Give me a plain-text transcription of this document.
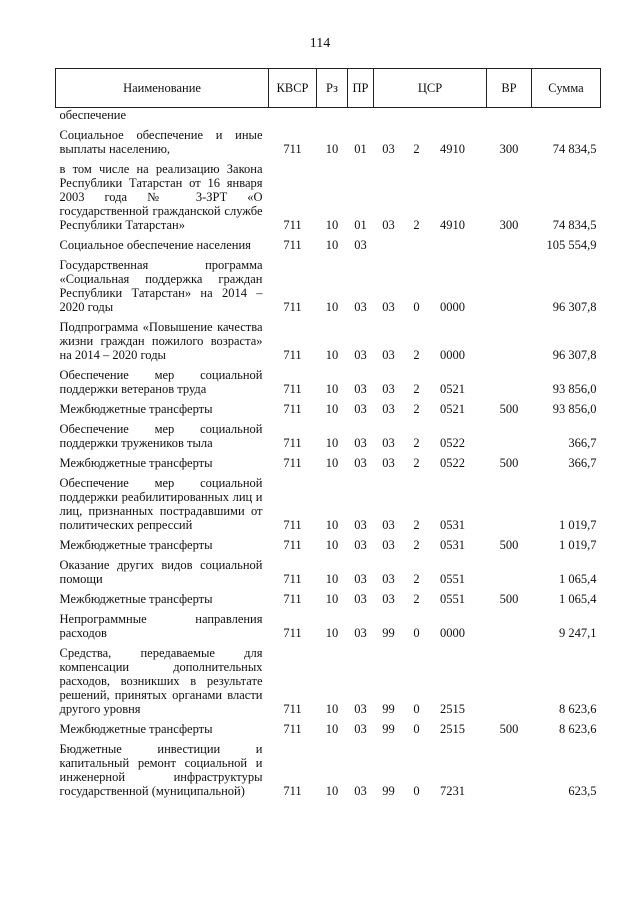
114
Наименование	КВСР	Рз	ПР	ЦСР	ВР	Сумма
обеспечение				

Социальное обеспечение и иные выплаты населению,	711	10	01	03 2 4910	300	74 834,5
в том числе на реализацию Закона Республики Татарстан от 16 января 2003 года № 3-ЗРТ «О государственной гражданской службе Республики Татарстан»	711	10	01	03 2 4910	300	74 834,5
Социальное обеспечение населения	711	10	03			105 554,9
Государственная программа «Социальная поддержка граждан Республики Татарстан» на 2014 – 2020 годы	711	10	03	03 0 0000		96 307,8
Подпрограмма «Повышение качества жизни граждан пожилого возраста» на 2014 – 2020 годы	711	10	03	03 2 0000		96 307,8
Обеспечение мер социальной поддержки ветеранов труда	711	10	03	03 2 0521		93 856,0
Межбюджетные трансферты	711	10	03	03 2 0521	500	93 856,0
Обеспечение мер социальной поддержки тружеников тыла	711	10	03	03 2 0522		366,7
Межбюджетные трансферты	711	10	03	03 2 0522	500	366,7
Обеспечение мер социальной поддержки реабилитированных лиц и лиц, признанных пострадавшими от политических репрессий	711	10	03	03 2 0531		1 019,7
Межбюджетные трансферты	711	10	03	03 2 0531	500	1 019,7
Оказание других видов социальной помощи	711	10	03	03 2 0551		1 065,4
Межбюджетные трансферты	711	10	03	03 2 0551	500	1 065,4
Непрограммные направления расходов	711	10	03	99 0 0000		9 247,1
Средства, передаваемые для компенсации дополнительных расходов, возникших в результате решений, принятых органами власти другого уровня	711	10	03	99 0 2515		8 623,6
Межбюджетные трансферты	711	10	03	99 0 2515	500	8 623,6
Бюджетные инвестиции и капитальный ремонт социальной и инженерной инфраструктуры государственной (муниципальной)	711	10	03	99 0 7231		623,5
